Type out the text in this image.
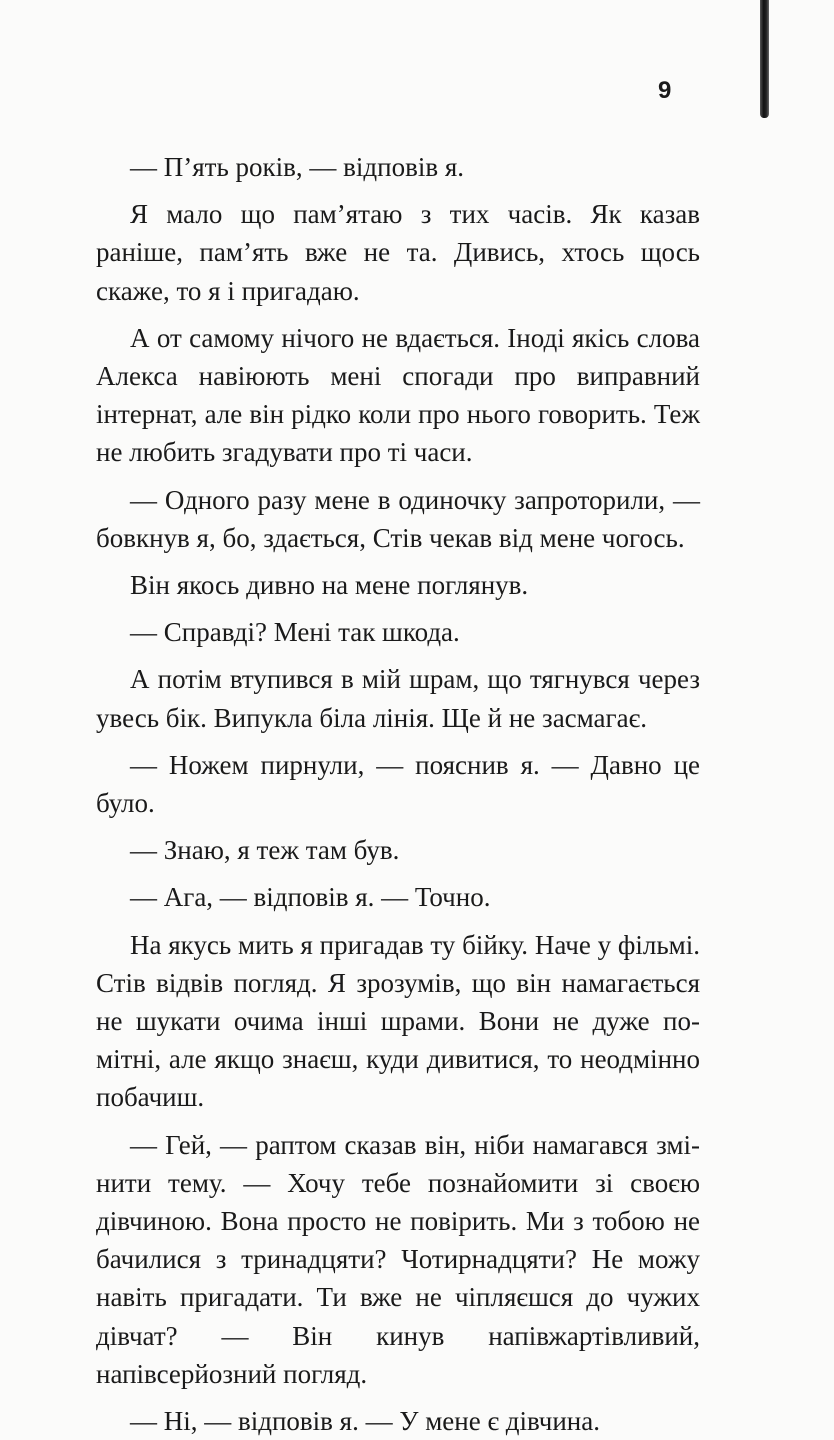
9

— П’ять років, — відповів я.

Я мало що пам’ятаю з тих часів. Як казав раніше, пам’ять вже не та. Дивись, хтось щось скаже, то я і пригадаю.

А от самому нічого не вдається. Іноді якісь слова Алекса навіюють мені спогади про виправний інтернат, але він рідко коли про нього говорить. Теж не любить згадувати про ті часи.

— Одного разу мене в одиночку запроторили, — бовкнув я, бо, здається, Стів чекав від мене чогось.

Він якось дивно на мене поглянув.

— Справді? Мені так шкода.

А потім втупився в мій шрам, що тягнувся через увесь бік. Випукла біла лінія. Ще й не засмагає.

— Ножем пирнули, — пояснив я. — Давно це було.

— Знаю, я теж там був.

— Ага, — відповів я. — Точно.

На якусь мить я пригадав ту бійку. Наче у фільмі. Стів відвів погляд. Я зрозумів, що він намагається не шукати очима інші шрами. Вони не дуже помітні, але якщо знаєш, куди дивитися, то неодмінно побачиш.

— Гей, — раптом сказав він, ніби намагався змінити тему. — Хочу тебе познайомити зі своєю дівчиною. Вона просто не повірить. Ми з тобою не бачилися з тринадцяти? Чотирнадцяти? Не можу навіть пригадати. Ти вже не чіпляєшся до чужих дівчат? — Він кинув напівжартівливий, напівсерйозний погляд.

— Ні, — відповів я. — У мене є дівчина.
